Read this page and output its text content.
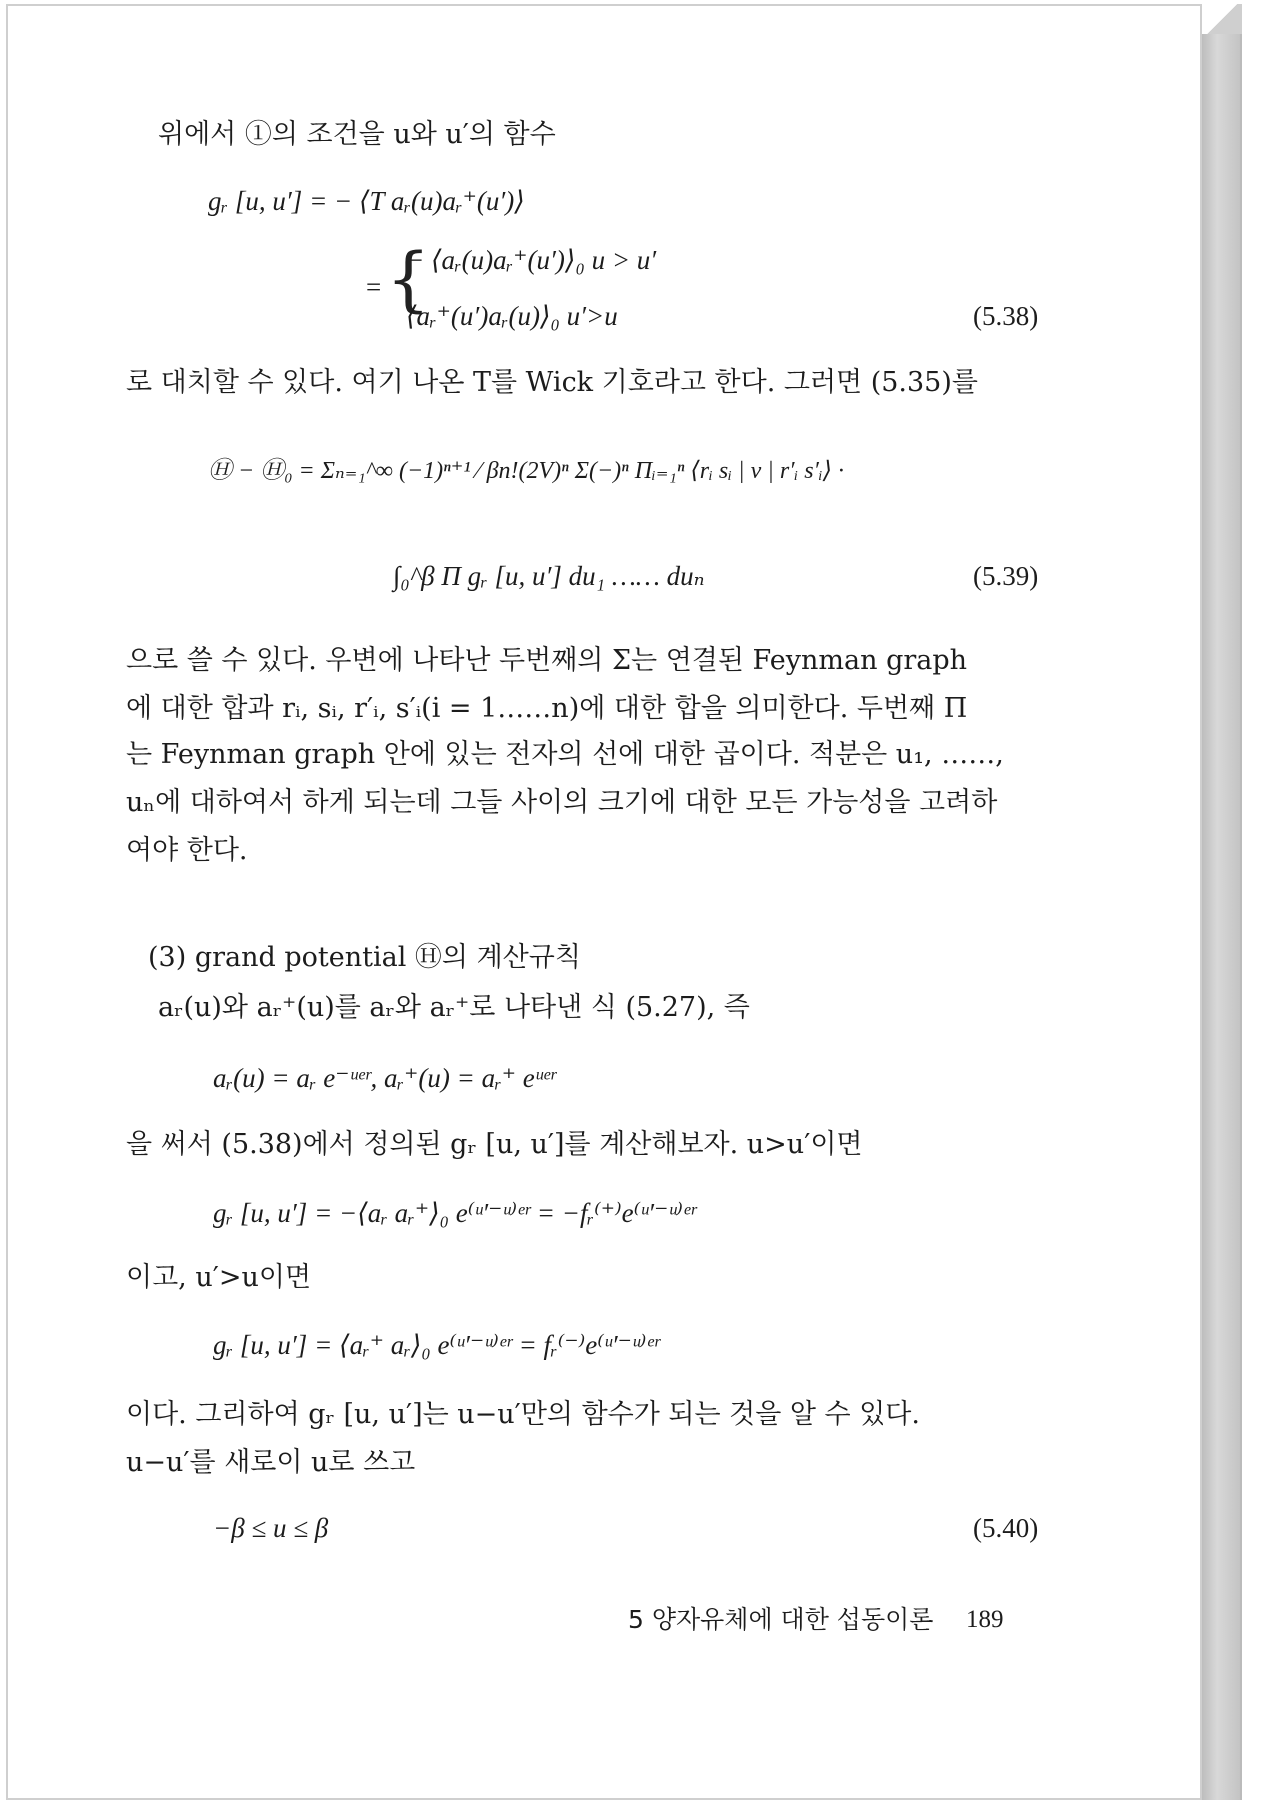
위에서 ①의 조건을 u와 u′의 함수
gᵣ [u, u′] = − ⟨T aᵣ(u)aᵣ⁺(u′)⟩
− ⟨aᵣ(u)aᵣ⁺(u′)⟩₀ u > u′
= {
⟨aᵣ⁺(u′)aᵣ(u)⟩₀ u′>u	(5.38)
로 대치할 수 있다. 여기 나온 T를 Wick 기호라고 한다. 그러면 (5.35)를
Ⓗ − Ⓗ₀ = Σₙ₌₁^∞ (−1)ⁿ⁺¹ ⁄ βn!(2V)ⁿ Σ(−)ⁿ Πᵢ₌₁ⁿ ⟨rᵢ sᵢ | v | r′ᵢ s′ᵢ⟩ ·
∫₀^β Π gᵣ [u, u′] du₁ …… duₙ	(5.39)
으로 쓸 수 있다. 우변에 나타난 두번째의 Σ는 연결된 Feynman graph
에 대한 합과 rᵢ, sᵢ, r′ᵢ, s′ᵢ(i = 1……n)에 대한 합을 의미한다. 두번째 Π
는 Feynman graph 안에 있는 전자의 선에 대한 곱이다. 적분은 u₁, ……,
uₙ에 대하여서 하게 되는데 그들 사이의 크기에 대한 모든 가능성을 고려하
여야 한다.
(3) grand potential Ⓗ의 계산규칙
aᵣ(u)와 aᵣ⁺(u)를 aᵣ와 aᵣ⁺로 나타낸 식 (5.27), 즉
aᵣ(u) = aᵣ e⁻ᵘᵉʳ, aᵣ⁺(u) = aᵣ⁺ eᵘᵉʳ
을 써서 (5.38)에서 정의된 gᵣ [u, u′]를 계산해보자. u>u′이면
gᵣ [u, u′] = −⟨aᵣ aᵣ⁺⟩₀ e⁽ᵘ′⁻ᵘ⁾ᵉʳ = −fᵣ⁽⁺⁾e⁽ᵘ′⁻ᵘ⁾ᵉʳ
이고, u′>u이면
gᵣ [u, u′] = ⟨aᵣ⁺ aᵣ⟩₀ e⁽ᵘ′⁻ᵘ⁾ᵉʳ = fᵣ⁽⁻⁾e⁽ᵘ′⁻ᵘ⁾ᵉʳ
이다. 그리하여 gᵣ [u, u′]는 u−u′만의 함수가 되는 것을 알 수 있다.
u−u′를 새로이 u로 쓰고
−β ≤ u ≤ β	(5.40)
5 양자유체에 대한 섭동이론 189
